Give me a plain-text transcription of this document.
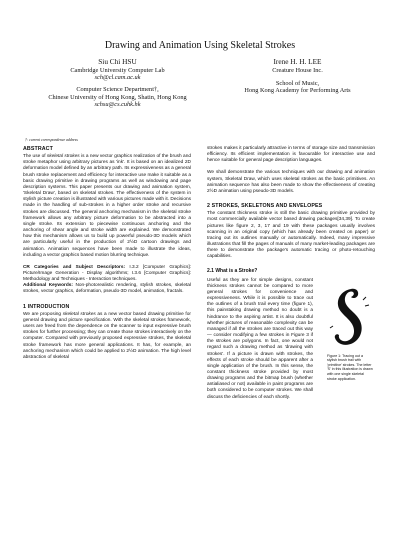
Drawing and Animation Using Skeletal Strokes
Siu Chi HSU
Cambridge University Computer Lab
sch@cl.cam.ac.uk
Computer Science Department†,
Chinese University of Hong Kong, Shatin, Hong Kong
schsu@cs.cuhk.hk
Irene H. H. LEE
Creature House Inc.
School of Music,
Hong Kong Academy for Performing Arts
†: current correspondence address
ABSTRACT

The use of skeletal strokes is a new vector graphics realization of the brush and stroke metaphor using arbitrary pictures as 'ink'. It is based on an idealized 2D deformation model defined by an arbitrary path. Its expressiveness as a general brush stroke replacement and efficiency for interactive use make it suitable as a basic drawing primitive in drawing programs as well as windowing and page description systems. This paper presents our drawing and animation system, 'Skeletal Draw', based on skeletal strokes. The effectiveness of the system in stylish picture creation is illustrated with various pictures made with it. Decisions made in the handling of sub-strokes in a higher order stroke and recursive strokes are discussed. The general anchoring mechanism in the skeletal stroke framework allows any arbitrary picture deformation to be abstracted into a single stroke. Its extension to piecewise continuous anchoring and the anchoring of shear angle and stroke width are explained. We demonstrated how this mechanism allows us to build up powerful pseudo-3D models which are particularly useful in the production of 2½D cartoon drawings and animation. Animation sequences have been made to illustrate the ideas, including a vector graphics based motion blurring technique.

CR Categories and Subject Descriptors: I.3.2 [Computer Graphics]: Picture/Image Generation - Display algorithms; I.3.6 [Computer Graphics]: Methodology and Techniques - Interaction techniques.

Additional Keywords: Non-photorealistic rendering, stylish strokes, skeletal strokes, vector graphics, deformation, pseudo-3D model, animation, fractals.

1 INTRODUCTION

We are proposing skeletal strokes as a new vector based drawing primitive for general drawing and picture specification. With the skeletal strokes framework, users are freed from the dependence on the scanner to input expressive brush strokes for further processing; they can create those strokes interactively on the computer. Compared with previously proposed expressive strokes, the skeletal stroke framework has more general applications. It has, for example, an anchoring mechanism which could be applied to 2½D animation. The high level abstraction of skeletal

strokes makes it particularly attractive in terms of storage size and transmission efficiency. Its efficient implementation is favourable for interactive use and hence suitable for general page description languages.

We shall demonstrate the various techniques with our drawing and animation system, Skeletal Draw, which uses skeletal strokes as the basic primitives. An animation sequence has also been made to show the effectiveness of creating 2½D animation using pseudo-3D models.

2 STROKES, SKELETONS AND ENVELOPES

The constant thickness stroke is still the basic drawing primitive provided by most commercially available vector based drawing packages[34,39]. To create pictures like figure 2, 3, 17 and 19 with these packages usually involves scanning in an original copy (which has already been created on paper) or tracing out its outlines manually or automatically. Indeed, many impressive illustrations that fill the pages of manuals of many market-leading packages are there to demonstrate the package's automatic tracing or photo-retouching capabilities.

2.1 What is a Stroke?

Useful as they are for simple designs, constant thickness strokes cannot be compared to more general strokes for convenience and expressiveness. While it is possible to trace out the outlines of a brush trail every time (figure 1), this painstaking drawing method no doubt is a hindrance to the aspiring artist. It is also doubtful whether pictures of reasonable complexity can be managed if all the strokes are traced out this way — consider modifying a few strokes in Figure 3 if the strokes are polygons. In fact, one would not regard such a drawing method as 'drawing with strokes'. If a picture is drawn with strokes, the effects of each stroke should be apparent after a single application of the brush. In this sense, the constant thickness stroke provided by most drawing programs and the bitmap brush (whether antialiased or not) available in paint programs are both considered to be computer strokes. We shall discuss the deficiencies of each shortly.

Figure 1: Tracing out a stylish brush trail with 'primitive' strokes. The letter 'S' in this illustration is drawn with one single skeletal stroke application.
